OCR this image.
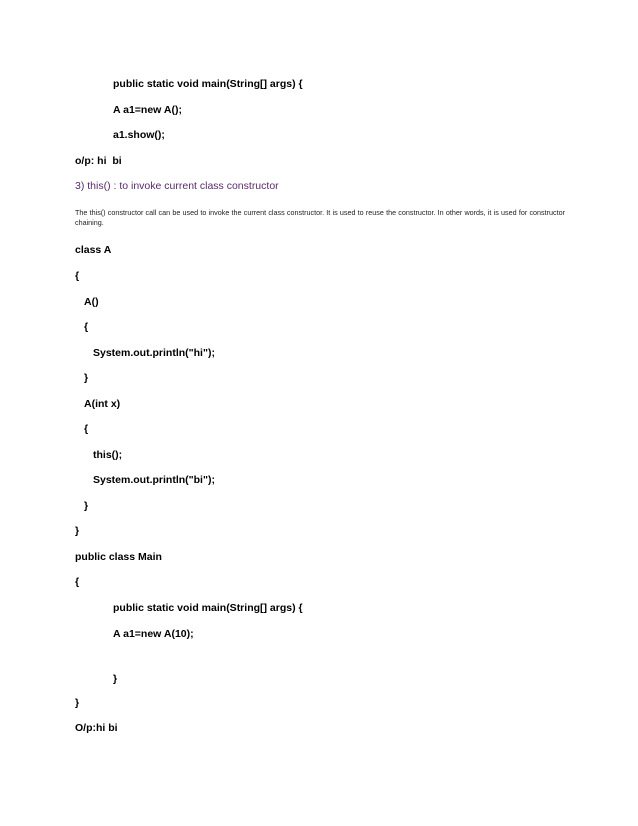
public static void main(String[] args) {
A a1=new A();
a1.show();
o/p: hi  bi
3) this() : to invoke current class constructor
The this() constructor call can be used to invoke the current class constructor. It is used to reuse the constructor. In other words, it is used for constructor chaining.
class A
{
A()
{
System.out.println("hi");
}
A(int x)
{
this();
System.out.println("bi");
}
}
public class Main
{
public static void main(String[] args) {
A a1=new A(10);
}
}
O/p:hi bi
